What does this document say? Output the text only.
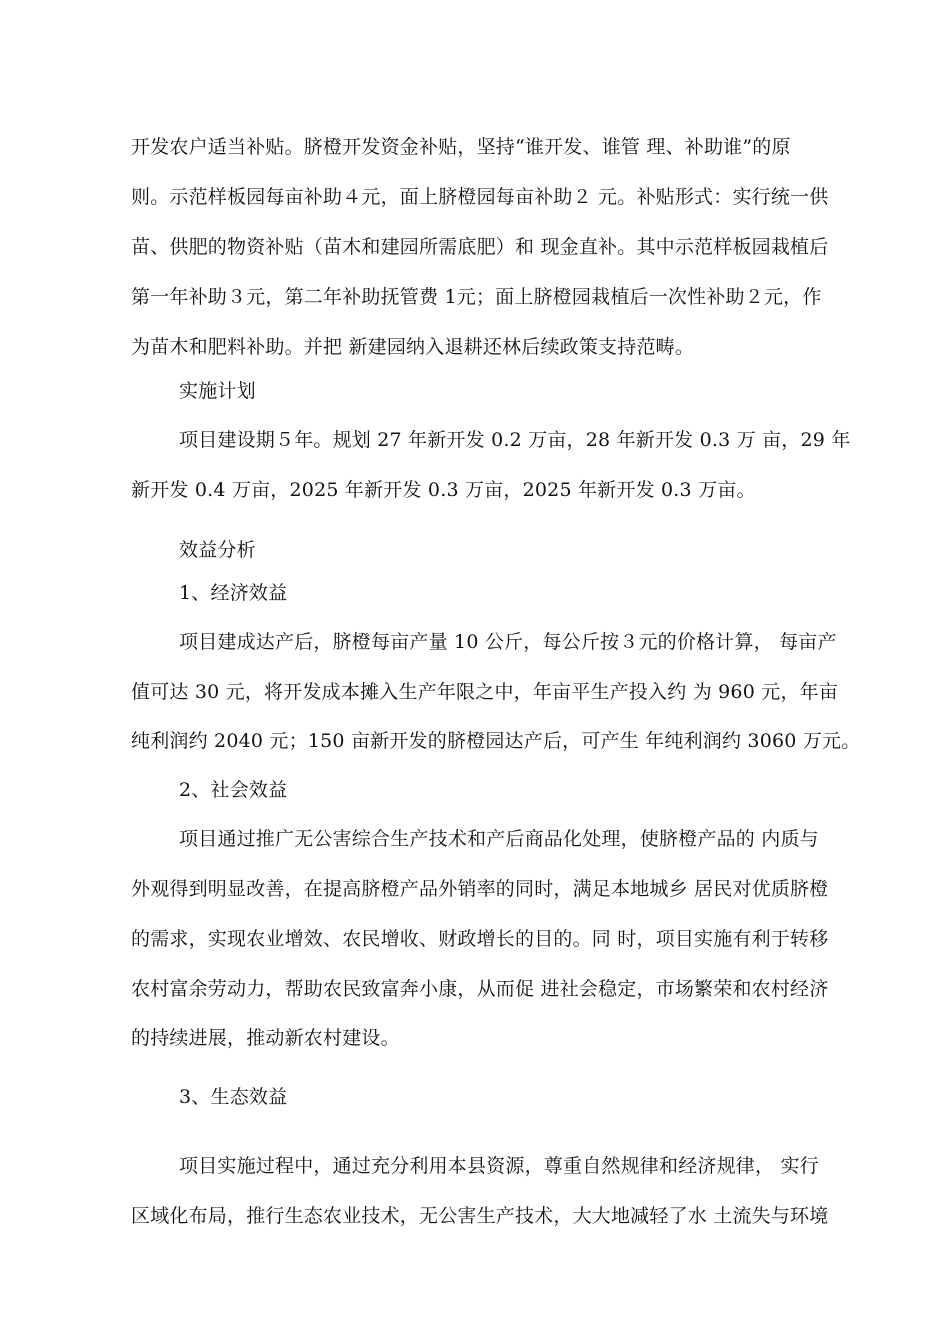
开发农户适当补贴。脐橙开发资金补贴，坚持“谁开发、谁管 理、补助谁”的原
则。示范样板园每亩补助４元，面上脐橙园每亩补助２ 元。补贴形式：实行统一供
苗、供肥的物资补贴（苗木和建园所需底肥）和 现金直补。其中示范样板园栽植后
第一年补助３元，第二年补助抚管费 1元；面上脐橙园栽植后一次性补助２元，作
为苗木和肥料补助。并把 新建园纳入退耕还林后续政策支持范畴。
实施计划
项目建设期５年。规划 27 年新开发 0.2 万亩，28 年新开发 0.3 万 亩，29 年
新开发 0.4 万亩，2025 年新开发 0.3 万亩，2025 年新开发 0.3 万亩。
效益分析
1、经济效益
项目建成达产后，脐橙每亩产量 10 公斤，每公斤按３元的价格计算， 每亩产
值可达 30 元，将开发成本摊入生产年限之中，年亩平生产投入约 为 960 元，年亩
纯利润约 2040 元；150 亩新开发的脐橙园达产后，可产生 年纯利润约 3060 万元。
2、社会效益
项目通过推广无公害综合生产技术和产后商品化处理，使脐橙产品的 内质与
外观得到明显改善，在提高脐橙产品外销率的同时，满足本地城乡 居民对优质脐橙
的需求，实现农业增效、农民增收、财政增长的目的。同 时，项目实施有利于转移
农村富余劳动力，帮助农民致富奔小康，从而促 进社会稳定，市场繁荣和农村经济
的持续进展，推动新农村建设。
3、生态效益
项目实施过程中，通过充分利用本县资源，尊重自然规律和经济规律， 实行
区域化布局，推行生态农业技术，无公害生产技术，大大地减轻了水 土流失与环境
